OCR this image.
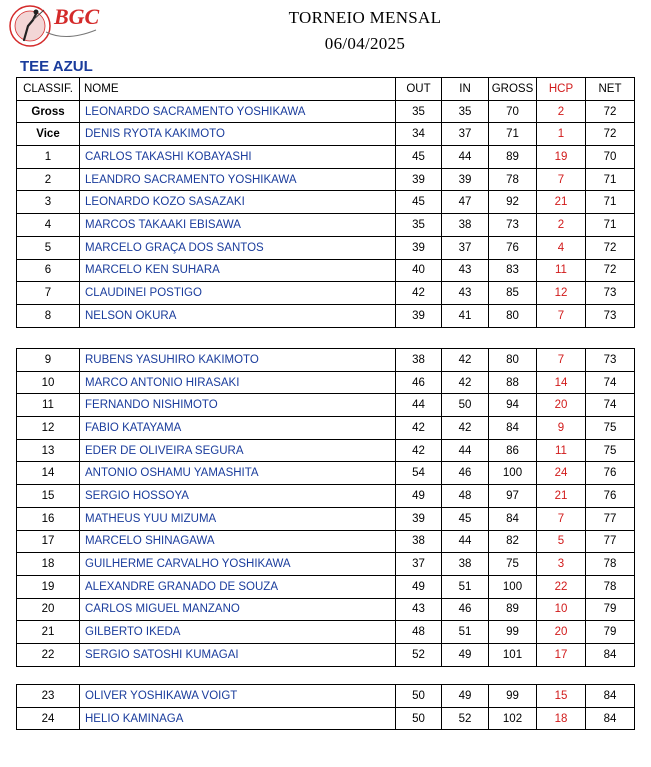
BGC	TORNEIO MENSAL
06/04/2025
TEE AZUL
CLASSIF.	NOME	OUT	IN	GROSS	HCP	NET
Gross	LEONARDO SACRAMENTO YOSHIKAWA	35	35	70	2	72
Vice	DENIS RYOTA KAKIMOTO	34	37	71	1	72
1	CARLOS TAKASHI KOBAYASHI	45	44	89	19	70
2	LEANDRO SACRAMENTO YOSHIKAWA	39	39	78	7	71
3	LEONARDO KOZO SASAZAKI	45	47	92	21	71
4	MARCOS TAKAAKI EBISAWA	35	38	73	2	71
5	MARCELO GRAÇA DOS SANTOS	39	37	76	4	72
6	MARCELO KEN SUHARA	40	43	83	11	72
7	CLAUDINEI POSTIGO	42	43	85	12	73
8	NELSON OKURA	39	41	80	7	73
9	RUBENS YASUHIRO KAKIMOTO	38	42	80	7	73
10	MARCO ANTONIO HIRASAKI	46	42	88	14	74
11	FERNANDO NISHIMOTO	44	50	94	20	74
12	FABIO KATAYAMA	42	42	84	9	75
13	EDER DE OLIVEIRA SEGURA	42	44	86	11	75
14	ANTONIO OSHAMU YAMASHITA	54	46	100	24	76
15	SERGIO HOSSOYA	49	48	97	21	76
16	MATHEUS YUU MIZUMA	39	45	84	7	77
17	MARCELO SHINAGAWA	38	44	82	5	77
18	GUILHERME CARVALHO YOSHIKAWA	37	38	75	3	78
19	ALEXANDRE GRANADO DE SOUZA	49	51	100	22	78
20	CARLOS MIGUEL MANZANO	43	46	89	10	79
21	GILBERTO IKEDA	48	51	99	20	79
22	SERGIO SATOSHI KUMAGAI	52	49	101	17	84
23	OLIVER YOSHIKAWA VOIGT	50	49	99	15	84
24	HELIO KAMINAGA	50	52	102	18	84
